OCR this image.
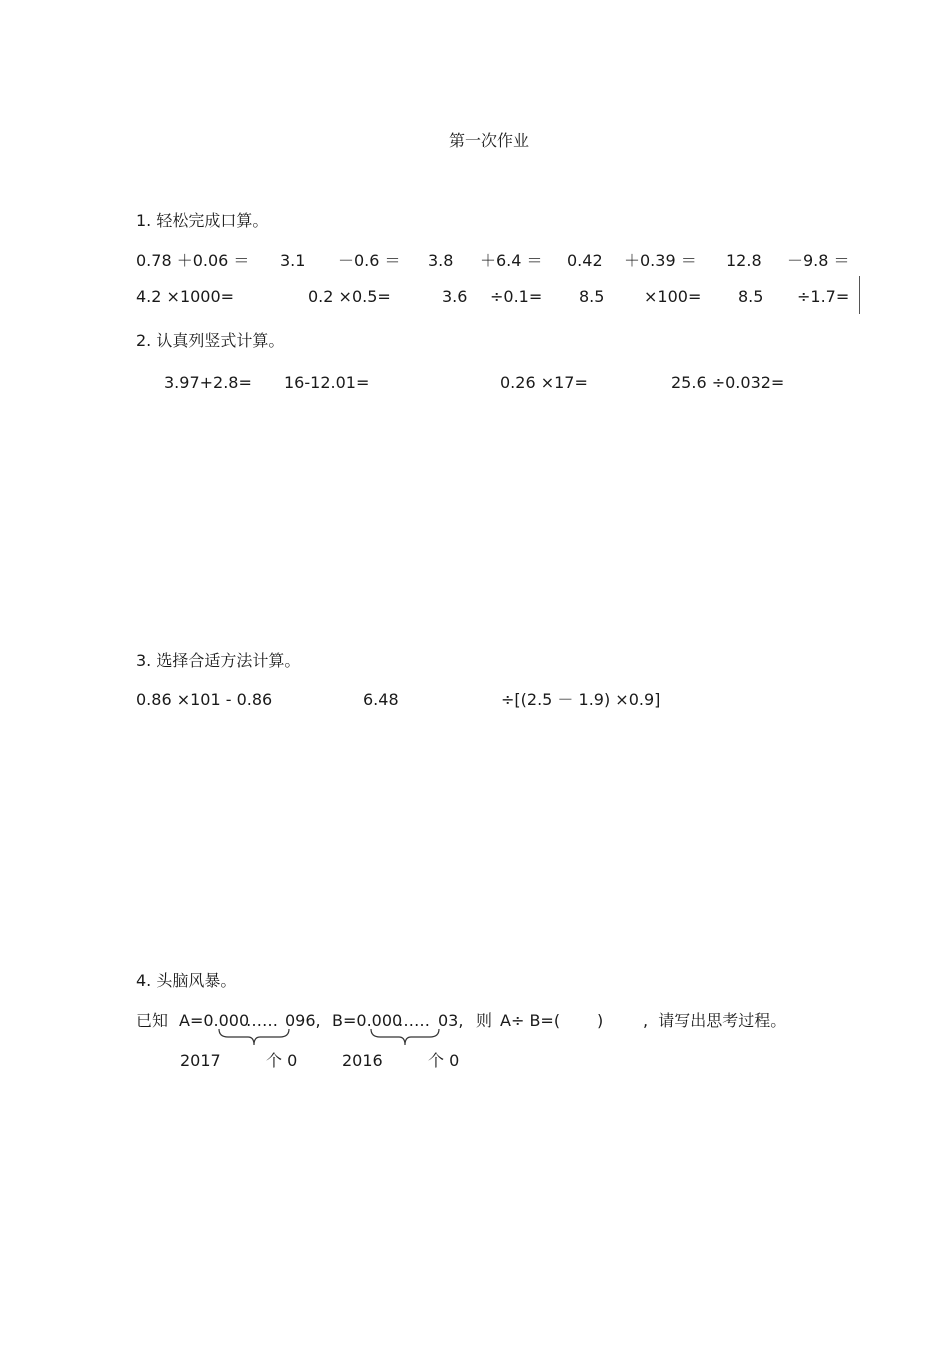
第一次作业
1. 轻松完成口算。
0.78 ＋0.06 ＝ 3.1 －0.6 ＝ 3.8 ＋6.4 ＝ 0.42 ＋0.39 ＝ 12.8 －9.8 ＝
4.2 ×1000=	0.2 ×0.5=	3.6 ÷0.1= 8.5 ×100= 8.5 ÷1.7=
2. 认真列竖式计算。
3.97+2.8= 16-12.01=	0.26 ×17=	25.6 ÷0.032=
3. 选择合适方法计算。
0.86 ×101 - 0.86	6.48	÷[(2.5 － 1.9) ×0.9]
4. 头脑风暴。
已知 A=0.000
…… 096, B=0.000
…… 03, 则 A÷ B=( ) ,  请写出思考过程。
2017	个 0	2016	个 0
